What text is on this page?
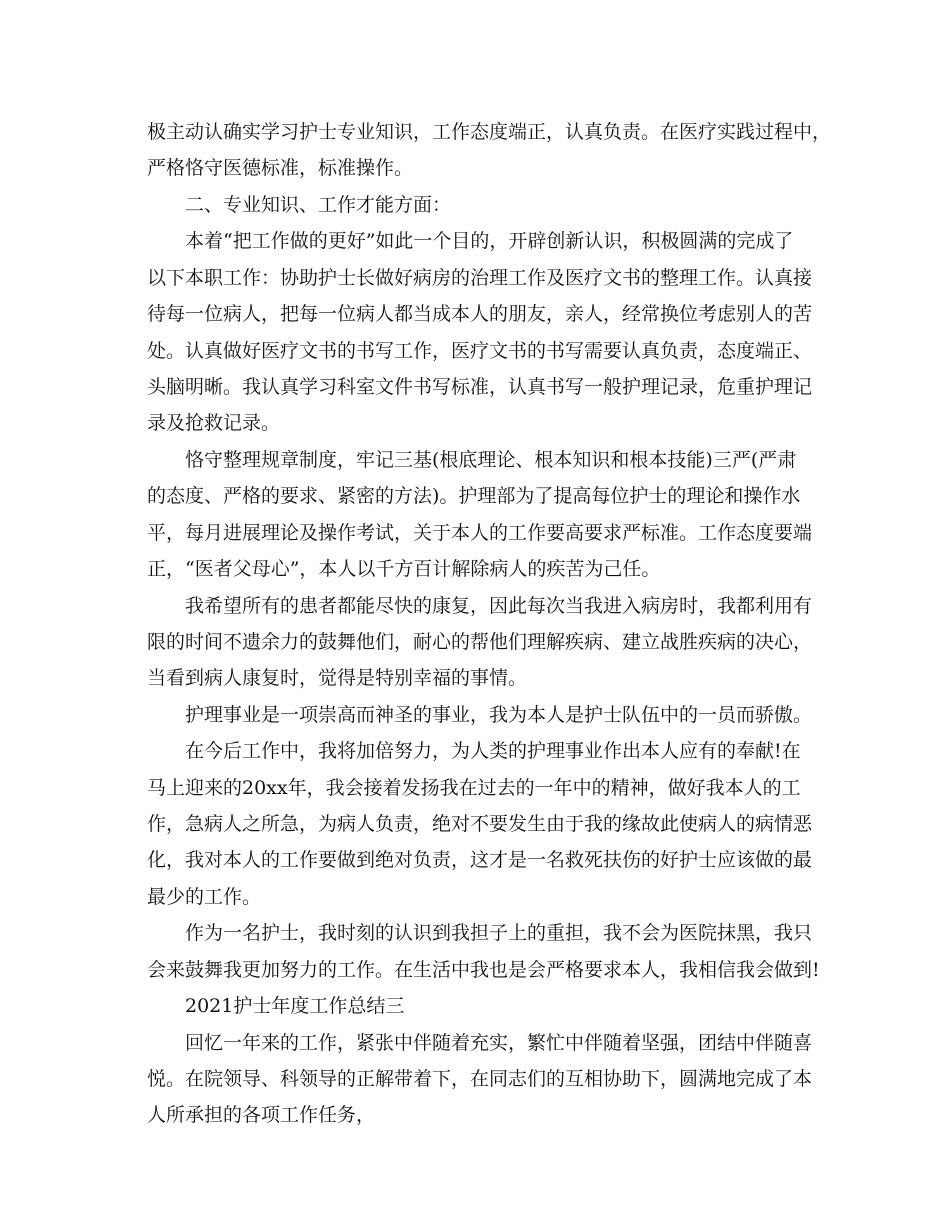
极主动认确实学习护士专业知识，工作态度端正，认真负责。在医疗实践过程中，
严格恪守医德标准，标准操作。
二、专业知识、工作才能方面：
本着“把工作做的更好”如此一个目的，开辟创新认识，积极圆满的完成了
以下本职工作：协助护士长做好病房的治理工作及医疗文书的整理工作。认真接
待每一位病人，把每一位病人都当成本人的朋友，亲人，经常换位考虑别人的苦
处。认真做好医疗文书的书写工作，医疗文书的书写需要认真负责，态度端正、
头脑明晰。我认真学习科室文件书写标准，认真书写一般护理记录，危重护理记
录及抢救记录。
恪守整理规章制度，牢记三基(根底理论、根本知识和根本技能)三严(严肃
的态度、严格的要求、紧密的方法)。护理部为了提高每位护士的理论和操作水
平，每月进展理论及操作考试，关于本人的工作要高要求严标准。工作态度要端
正，“医者父母心”，本人以千方百计解除病人的疾苦为己任。
我希望所有的患者都能尽快的康复，因此每次当我进入病房时，我都利用有
限的时间不遗余力的鼓舞他们，耐心的帮他们理解疾病、建立战胜疾病的决心，
当看到病人康复时，觉得是特别幸福的事情。
护理事业是一项崇高而神圣的事业，我为本人是护士队伍中的一员而骄傲。
在今后工作中，我将加倍努力，为人类的护理事业作出本人应有的奉献!在
马上迎来的20xx年，我会接着发扬我在过去的一年中的精神，做好我本人的工
作，急病人之所急，为病人负责，绝对不要发生由于我的缘故此使病人的病情恶
化，我对本人的工作要做到绝对负责，这才是一名救死扶伤的好护士应该做的最
最少的工作。
作为一名护士，我时刻的认识到我担子上的重担，我不会为医院抹黑，我只
会来鼓舞我更加努力的工作。在生活中我也是会严格要求本人，我相信我会做到!
2021护士年度工作总结三
回忆一年来的工作，紧张中伴随着充实，繁忙中伴随着坚强，团结中伴随喜
悦。在院领导、科领导的正解带着下，在同志们的互相协助下，圆满地完成了本
人所承担的各项工作任务，
